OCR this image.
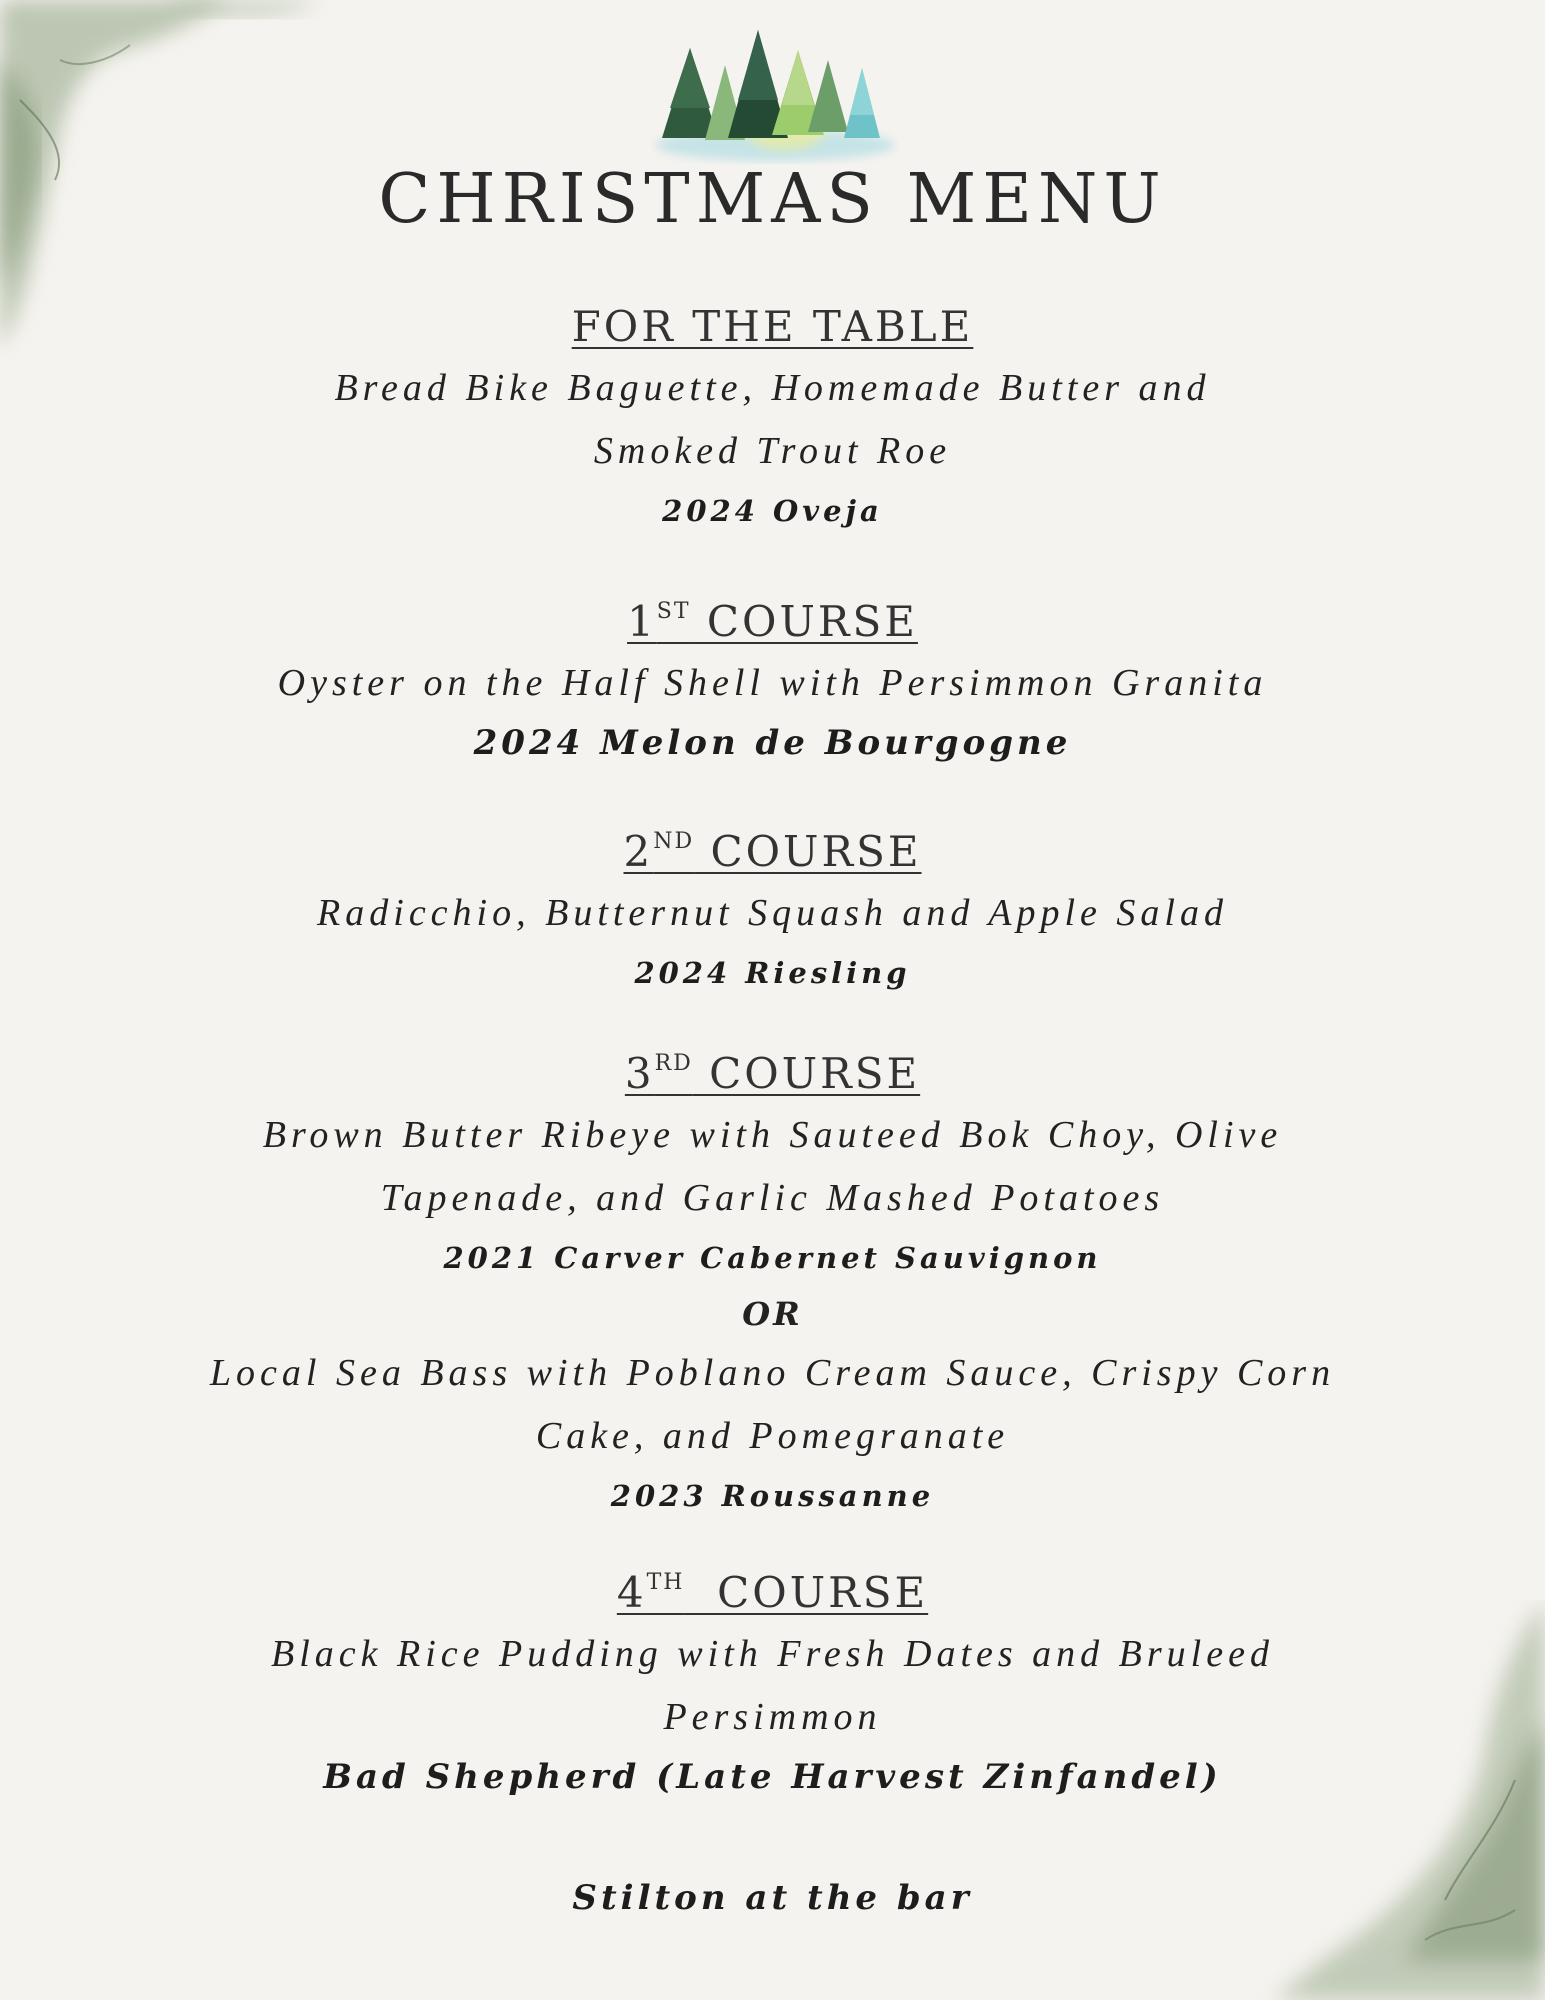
CHRISTMAS MENU
FOR THE TABLE
Bread Bike Baguette, Homemade Butter and
Smoked Trout Roe
2024 Oveja
1ST COURSE
Oyster on the Half Shell with Persimmon Granita
2024 Melon de Bourgogne
2ND COURSE
Radicchio, Butternut Squash and Apple Salad
2024 Riesling
3RD COURSE
Brown Butter Ribeye with Sauteed Bok Choy, Olive
Tapenade, and Garlic Mashed Potatoes
2021 Carver Cabernet Sauvignon
OR
Local Sea Bass with Poblano Cream Sauce, Crispy Corn
Cake, and Pomegranate
2023 Roussanne
4TH  COURSE
Black Rice Pudding with Fresh Dates and Bruleed
Persimmon
Bad Shepherd (Late Harvest Zinfandel)
Stilton at the bar
